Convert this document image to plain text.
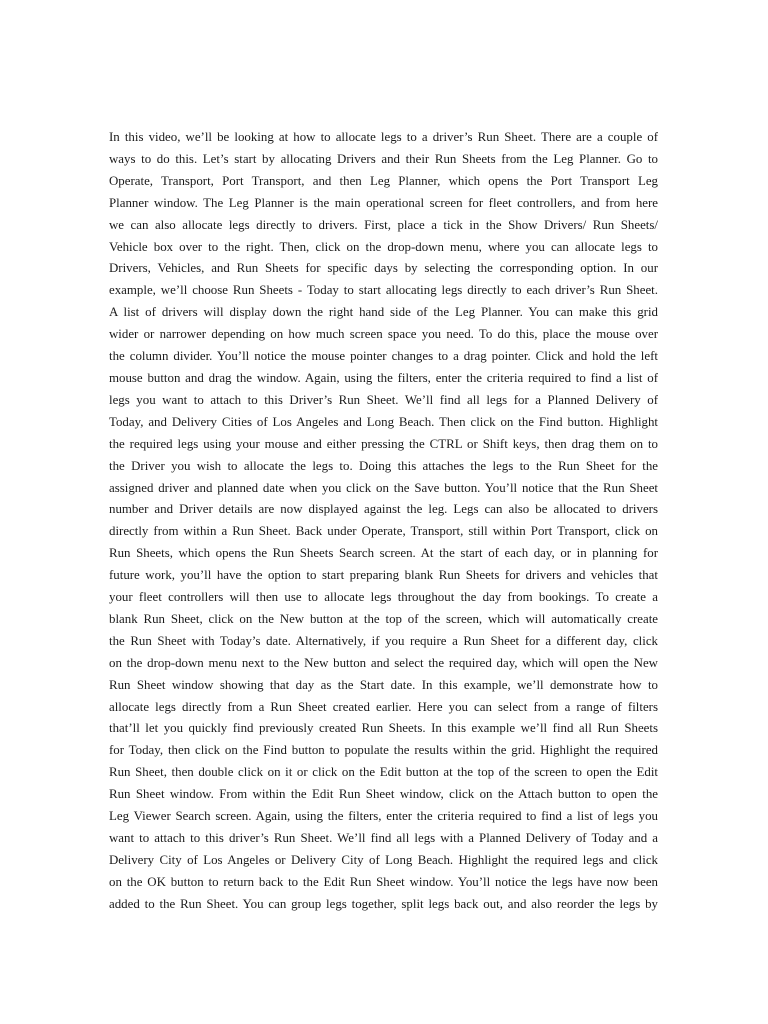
In this video, we’ll be looking at how to allocate legs to a driver’s Run Sheet. There are a couple of
ways to do this. Let’s start by allocating Drivers and their Run Sheets from the Leg Planner. Go to
Operate, Transport, Port Transport, and then Leg Planner, which opens the Port Transport Leg
Planner window. The Leg Planner is the main operational screen for fleet controllers, and from here
we can also allocate legs directly to drivers. First, place a tick in the Show Drivers/ Run Sheets/
Vehicle box over to the right. Then, click on the drop-down menu, where you can allocate legs to
Drivers, Vehicles, and Run Sheets for specific days by selecting the corresponding option. In our
example, we’ll choose Run Sheets - Today to start allocating legs directly to each driver’s Run Sheet.
A list of drivers will display down the right hand side of the Leg Planner. You can make this grid
wider or narrower depending on how much screen space you need. To do this, place the mouse over
the column divider. You’ll notice the mouse pointer changes to a drag pointer. Click and hold the left
mouse button and drag the window. Again, using the filters, enter the criteria required to find a list of
legs you want to attach to this Driver’s Run Sheet. We’ll find all legs for a Planned Delivery of
Today, and Delivery Cities of Los Angeles and Long Beach. Then click on the Find button. Highlight
the required legs using your mouse and either pressing the CTRL or Shift keys, then drag them on to
the Driver you wish to allocate the legs to. Doing this attaches the legs to the Run Sheet for the
assigned driver and planned date when you click on the Save button. You’ll notice that the Run Sheet
number and Driver details are now displayed against the leg. Legs can also be allocated to drivers
directly from within a Run Sheet. Back under Operate, Transport, still within Port Transport, click on
Run Sheets, which opens the Run Sheets Search screen. At the start of each day, or in planning for
future work, you’ll have the option to start preparing blank Run Sheets for drivers and vehicles that
your fleet controllers will then use to allocate legs throughout the day from bookings. To create a
blank Run Sheet, click on the New button at the top of the screen, which will automatically create
the Run Sheet with Today’s date. Alternatively, if you require a Run Sheet for a different day, click
on the drop-down menu next to the New button and select the required day, which will open the New
Run Sheet window showing that day as the Start date. In this example, we’ll demonstrate how to
allocate legs directly from a Run Sheet created earlier. Here you can select from a range of filters
that’ll let you quickly find previously created Run Sheets. In this example we’ll find all Run Sheets
for Today, then click on the Find button to populate the results within the grid. Highlight the required
Run Sheet, then double click on it or click on the Edit button at the top of the screen to open the Edit
Run Sheet window. From within the Edit Run Sheet window, click on the Attach button to open the
Leg Viewer Search screen. Again, using the filters, enter the criteria required to find a list of legs you
want to attach to this driver’s Run Sheet. We’ll find all legs with a Planned Delivery of Today and a
Delivery City of Los Angeles or Delivery City of Long Beach. Highlight the required legs and click
on the OK button to return back to the Edit Run Sheet window. You’ll notice the legs have now been
added to the Run Sheet. You can group legs together, split legs back out, and also reorder the legs by
